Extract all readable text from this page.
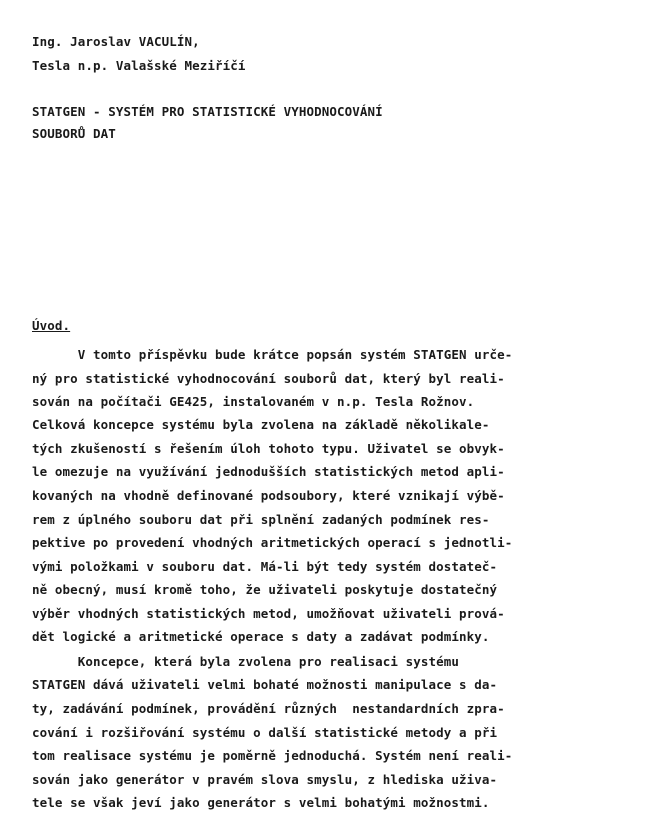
Ing. Jaroslav VACULÍN,
Tesla n.p. Valašské Meziříčí
STATGEN - SYSTÉM PRO STATISTICKÉ VYHODNOCOVÁNÍ
SOUBORŮ DAT
Úvod.
V tomto příspěvku bude krátce popsán systém STATGEN urče-
ný pro statistické vyhodnocování souborů dat, který byl reali-
sován na počítači GE425, instalovaném v n.p. Tesla Rožnov.
Celková koncepce systému byla zvolena na základě několikale-
tých zkušeností s řešením úloh tohoto typu. Uživatel se obvyk-
le omezuje na využívání jednodušších statistických metod apli-
kovaných na vhodně definované podsoubory, které vznikají výbě-
rem z úplného souboru dat při splnění zadaných podmínek res-
pektive po provedení vhodných aritmetických operací s jednotli-
vými položkami v souboru dat. Má-li být tedy systém dostateč-
ně obecný, musí kromě toho, že uživateli poskytuje dostatečný
výběr vhodných statistických metod, umožňovat uživateli prová-
dět logické a aritmetické operace s daty a zadávat podmínky.
Koncepce, která byla zvolena pro realisaci systému
STATGEN dává uživateli velmi bohaté možnosti manipulace s da-
ty, zadávání podmínek, provádění různých  nestandardních zpra-
cování i rozšiřování systému o další statistické metody a při
tom realisace systému je poměrně jednoduchá. Systém není reali-
sován jako generátor v pravém slova smyslu, z hlediska uživa-
tele se však jeví jako generátor s velmi bohatými možnostmi.
